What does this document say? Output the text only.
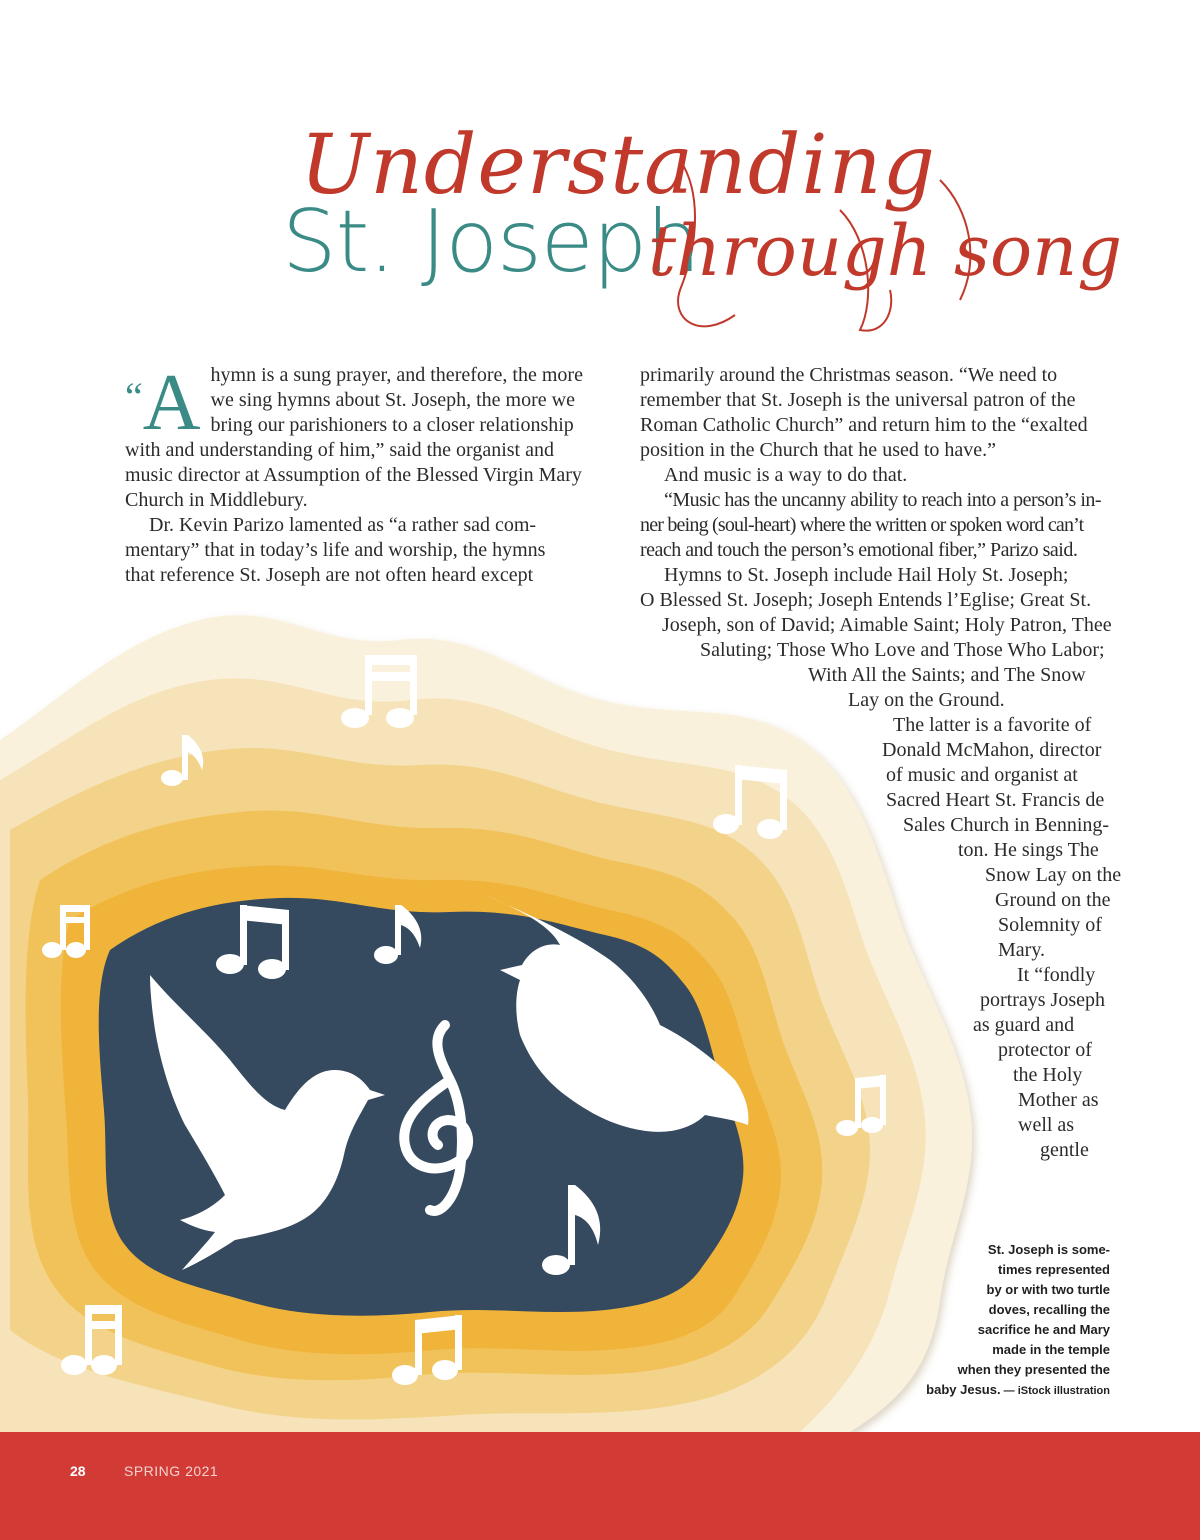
Understanding
St. Joseph
through song
“A hymn is a sung prayer, and therefore, the more
we sing hymns about St. Joseph, the more we
bring our parishioners to a closer relationship
with and understanding of him,” said the organist and
music director at Assumption of the Blessed Virgin Mary
Church in Middlebury.
Dr. Kevin Parizo lamented as “a rather sad com-
mentary” that in today’s life and worship, the hymns
that reference St. Joseph are not often heard except
primarily around the Christmas season. “We need to
remember that St. Joseph is the universal patron of the
Roman Catholic Church” and return him to the “exalted
position in the Church that he used to have.”
And music is a way to do that.
“Music has the uncanny ability to reach into a person’s in-
ner being (soul-heart) where the written or spoken word can’t
reach and touch the person’s emotional fiber,” Parizo said.
Hymns to St. Joseph include Hail Holy St. Joseph;
O Blessed St. Joseph; Joseph Entends l’Eglise; Great St.
Joseph, son of David; Aimable Saint; Holy Patron, Thee
Saluting; Those Who Love and Those Who Labor;
With All the Saints; and The Snow
Lay on the Ground.
The latter is a favorite of
Donald McMahon, director
of music and organist at
Sacred Heart St. Francis de
Sales Church in Benning-
ton. He sings The
Snow Lay on the
Ground on the
Solemnity of
Mary.
It “fondly
portrays Joseph
as guard and
protector of
the Holy
Mother as
well as
gentle
St. Joseph is some-
times represented
by or with two turtle
doves, recalling the
sacrifice he and Mary
made in the temple
when they presented the
baby Jesus. — iStock illustration
28	SPRING 2021
